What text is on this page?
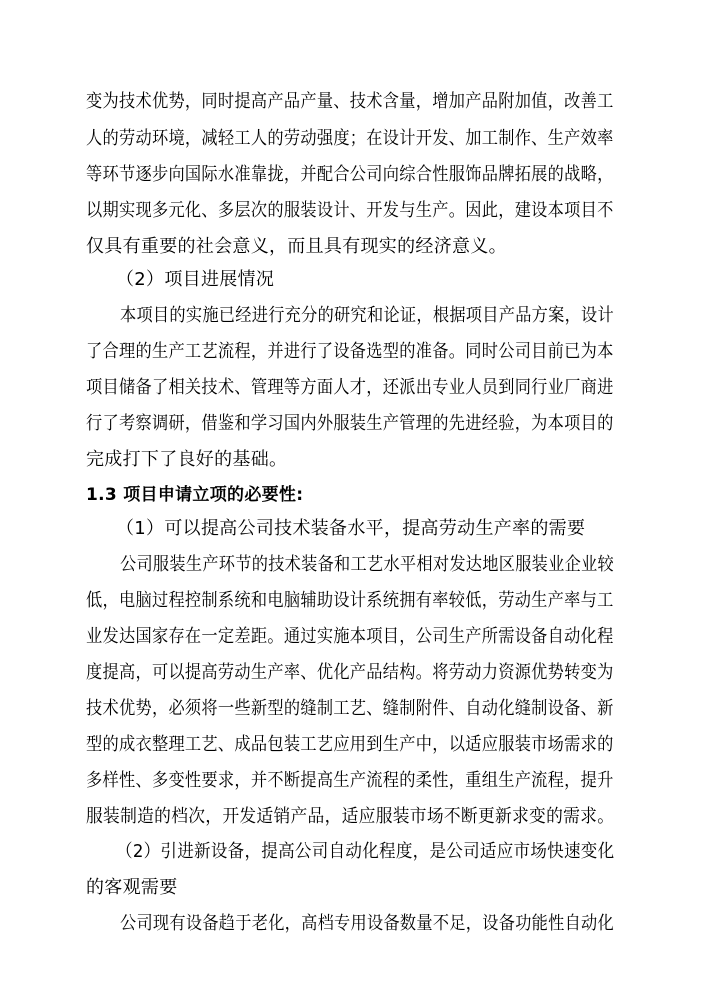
变为技术优势，同时提高产品产量、技术含量，增加产品附加值，改善工
人的劳动环境，减轻工人的劳动强度；在设计开发、加工制作、生产效率
等环节逐步向国际水准靠拢，并配合公司向综合性服饰品牌拓展的战略，
以期实现多元化、多层次的服装设计、开发与生产。因此，建设本项目不
仅具有重要的社会意义，而且具有现实的经济意义。
（2）项目进展情况
本项目的实施已经进行充分的研究和论证，根据项目产品方案，设计
了合理的生产工艺流程，并进行了设备选型的准备。同时公司目前已为本
项目储备了相关技术、管理等方面人才，还派出专业人员到同行业厂商进
行了考察调研，借鉴和学习国内外服装生产管理的先进经验，为本项目的
完成打下了良好的基础。
1.3 项目申请立项的必要性:
（1）可以提高公司技术装备水平，提高劳动生产率的需要
公司服装生产环节的技术装备和工艺水平相对发达地区服装业企业较
低，电脑过程控制系统和电脑辅助设计系统拥有率较低，劳动生产率与工
业发达国家存在一定差距。通过实施本项目，公司生产所需设备自动化程
度提高，可以提高劳动生产率、优化产品结构。将劳动力资源优势转变为
技术优势，必须将一些新型的缝制工艺、缝制附件、自动化缝制设备、新
型的成衣整理工艺、成品包装工艺应用到生产中，以适应服装市场需求的
多样性、多变性要求，并不断提高生产流程的柔性，重组生产流程，提升
服装制造的档次，开发适销产品，适应服装市场不断更新求变的需求。
（2）引进新设备，提高公司自动化程度，是公司适应市场快速变化
的客观需要
公司现有设备趋于老化，高档专用设备数量不足，设备功能性自动化
